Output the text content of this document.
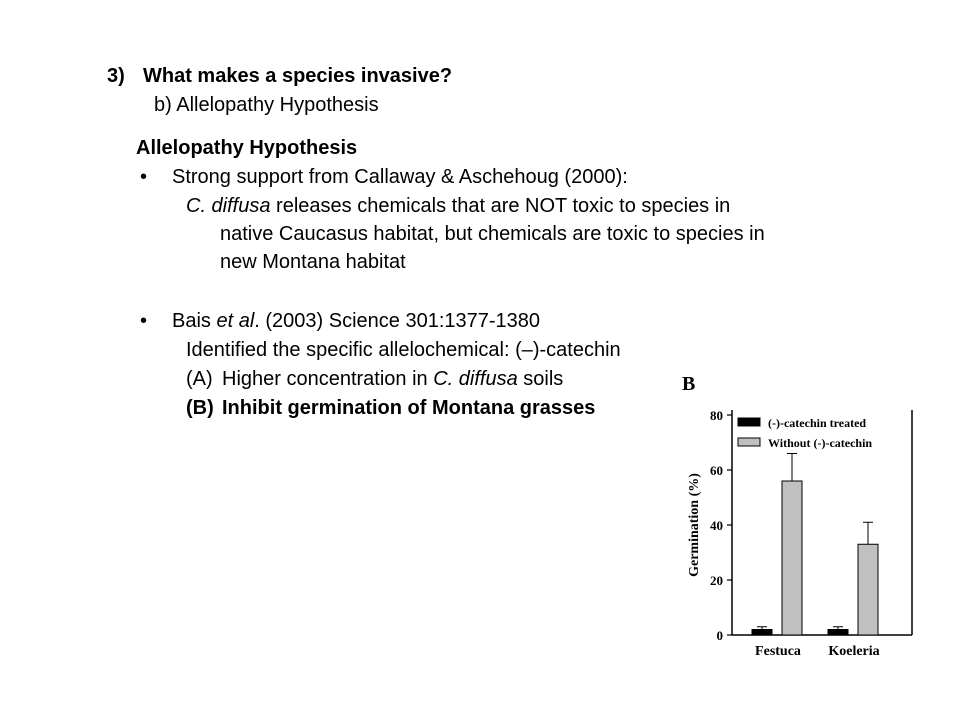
3) What makes a species invasive?
b) Allelopathy Hypothesis
Allelopathy Hypothesis
• Strong support from Callaway & Aschehoug (2000):
C. diffusa releases chemicals that are NOT toxic to species in
native Caucasus habitat, but chemicals are toxic to species in
new Montana habitat
• Bais et al. (2003) Science 301:1377-1380
Identified the specific allelochemical: (–)-catechin
(A) Higher concentration in C. diffusa soils
(B) Inhibit germination of Montana grasses
B
0
20
40
60
80
Germination (%)
Festuca Koeleria
(-)-catechin treated
Without (-)-catechin
